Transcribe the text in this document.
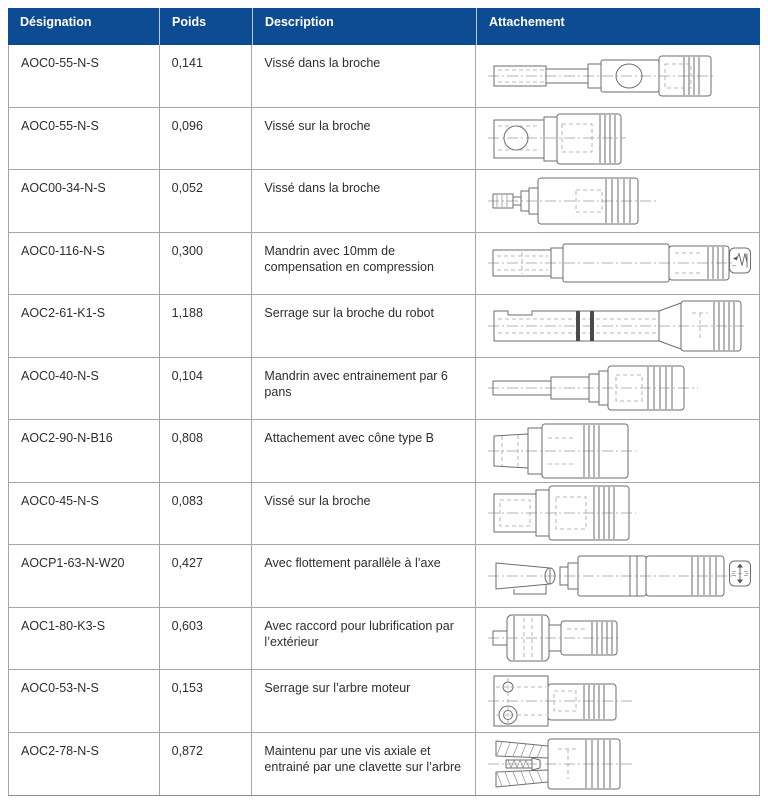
Désignation	Poids	Description	Attachement
AOC0-55-N-S	0,141	Vissé dans la broche
AOC0-55-N-S	0,096	Vissé sur la broche
AOC00-34-N-S	0,052	Vissé dans la broche
AOC0-116-N-S	0,300	Mandrin avec 10mm de compensation en compression
AOC2-61-K1-S	1,188	Serrage sur la broche du robot
AOC0-40-N-S	0,104	Mandrin avec entrainement par 6 pans
AOC2-90-N-B16	0,808	Attachement avec cône type B
AOC0-45-N-S	0,083	Vissé sur la broche
AOCP1-63-N-W20	0,427	Avec flottement parallèle à l’axe
AOC1-80-K3-S	0,603	Avec raccord pour lubrification par l’extérieur
AOC0-53-N-S	0,153	Serrage sur l’arbre moteur
AOC2-78-N-S	0,872	Maintenu par une vis axiale et entrainé par une clavette sur l’arbre
